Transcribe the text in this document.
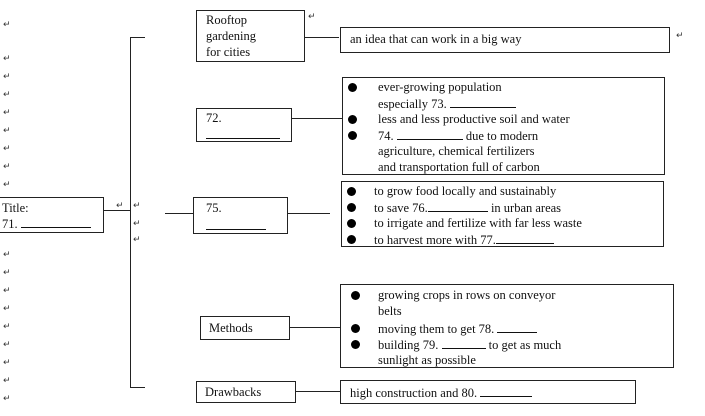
↵
↵
↵
↵
↵
↵
↵
↵
↵
↵
↵
↵
↵
↵
↵
↵
↵
↵
Title:
71.
↵ ↵
↵
↵
Rooftop
gardening
for cities
↵
an idea that can work in a big way	↵
72.
ever-growing population
especially 73.
less and less productive soil and water
74.	due to modern
agriculture, chemical fertilizers
and transportation full of carbon
75.
to grow food locally and sustainably
to save 76.	in urban areas
to irrigate and fertilize with far less waste
to harvest more with 77.
Methods
growing crops in rows on conveyor
belts
moving them to get 78.
building 79.	to get as much
sunlight as possible
Drawbacks	high construction and 80.
